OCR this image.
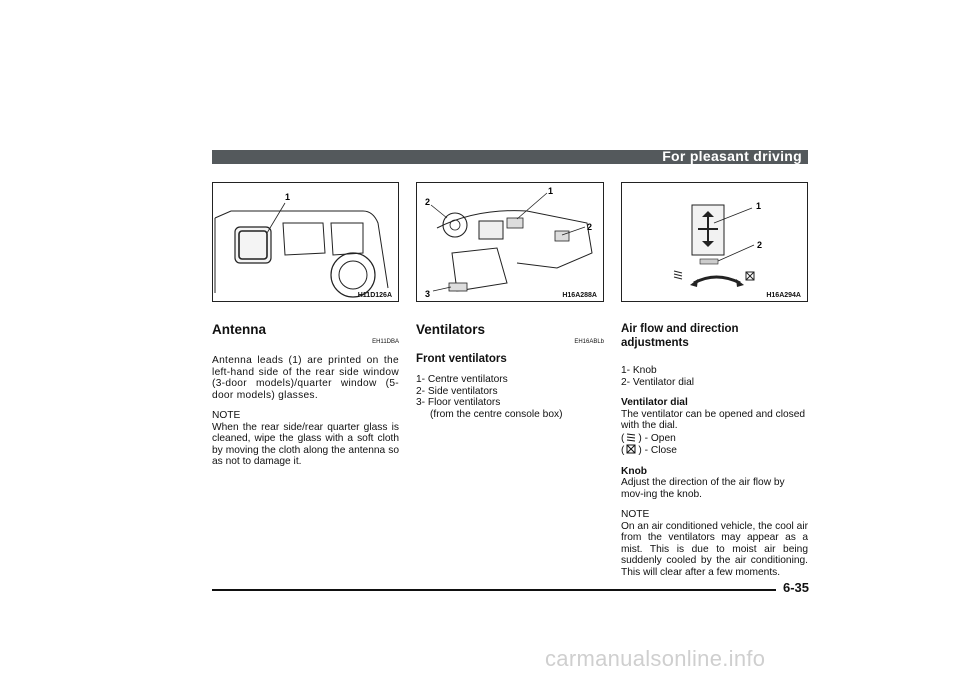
For pleasant driving
1
H11D126A
1
2
2
3	H16A288A
1
2
H16A294A

Antenna

EH11DBA

Antenna leads (1) are printed on the left-hand side of the rear side window (3-door models)/quarter window (5-door models) glasses.

NOTE

When the rear side/rear quarter glass is cleaned, wipe the glass with a soft cloth by moving the cloth along the antenna so as not to damage it.

Ventilators

EH16ABLb

Front ventilators

1- Centre ventilators

2- Side ventilators

3- Floor ventilators

(from the centre console box)

Air flow and direction adjustments

1- Knob

2- Ventilator dial

Ventilator dial

The ventilator can be opened and closed with the dial.

( ) - Open

( ) - Close

Knob

Adjust the direction of the air flow by mov-ing the knob.

NOTE

On an air conditioned vehicle, the cool air from the ventilators may appear as a mist. This is due to moist air being suddenly cooled by the air conditioning. This will clear after a few moments.

6-35
carmanualsonline.info
